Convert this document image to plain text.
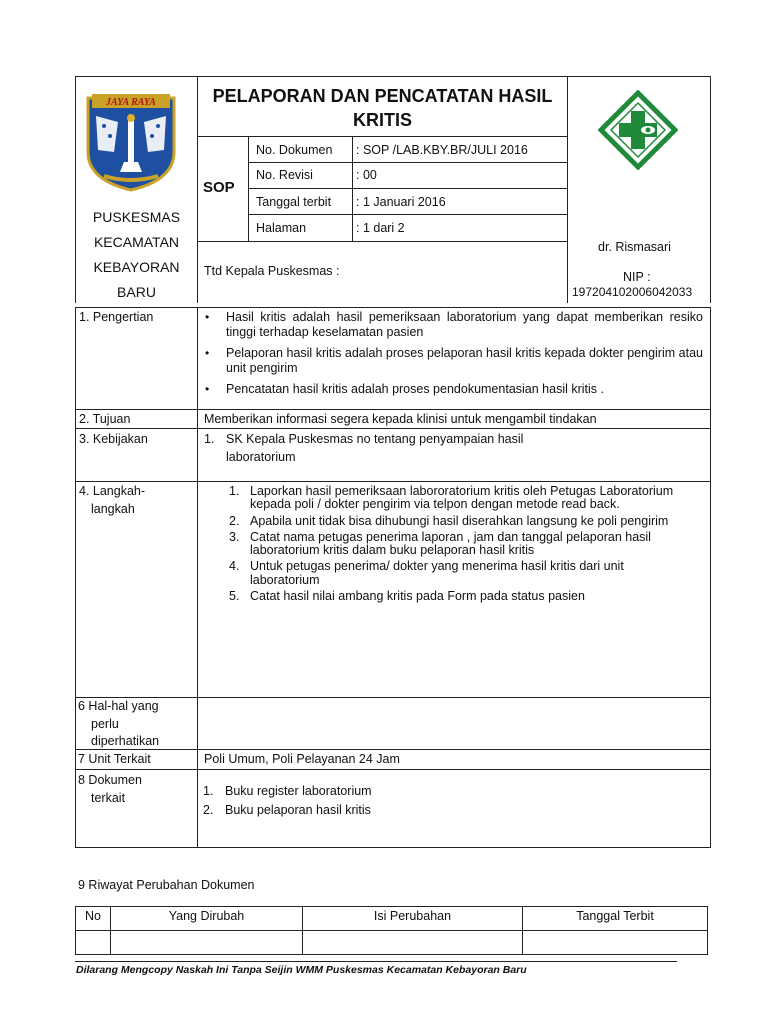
JAYA RAYA
PUSKESMAS
KECAMATAN
KEBAYORAN
BARU
PELAPORAN DAN PENCATATAN HASIL KRITIS
SOP
No. Dokumen : SOP /LAB.KBY.BR/JULI 2016
No. Revisi	: 00
Tanggal terbit : 1 Januari 2016
Halaman	: 1 dari 2
Ttd Kepala Puskesmas :
dr. Rismasari
NIP :
197204102006042033
1. Pengertian
•	Hasil kritis adalah hasil pemeriksaan laboratorium yang dapat memberikan resiko tinggi terhadap keselamatan pasien
• Pelaporan hasil kritis adalah proses pelaporan hasil kritis kepada dokter pengirim atau unit pengirim
• Pencatatan hasil kritis adalah proses pendokumentasian hasil kritis .
2. Tujuan	Memberikan informasi segera kepada klinisi untuk mengambil tindakan
3. Kebijakan	1. SK Kepala Puskesmas no tentang penyampaian hasil
laboratorium
4. Langkah-
langkah
1. Laporkan hasil pemeriksaan labororatorium kritis oleh Petugas Laboratorium kepada poli / dokter pengirim via telpon dengan metode read back.
2. Apabila unit tidak bisa dihubungi hasil diserahkan langsung ke poli pengirim
3. Catat nama petugas penerima laporan , jam dan tanggal pelaporan hasil laboratorium kritis dalam buku pelaporan hasil kritis
4. Untuk petugas penerima/ dokter yang menerima hasil kritis dari unit laboratorium
5. Catat hasil nilai ambang kritis pada Form pada status pasien
6 Hal-hal yang
perlu
diperhatikan
7 Unit Terkait	Poli Umum, Poli Pelayanan 24 Jam
8 Dokumen
terkait	1. Buku register laboratorium
2. Buku pelaporan hasil kritis
9 Riwayat Perubahan Dokumen
No	Yang Dirubah	Isi Perubahan	Tanggal Terbit
Dilarang Mengcopy Naskah Ini Tanpa Seijin WMM Puskesmas Kecamatan Kebayoran Baru
